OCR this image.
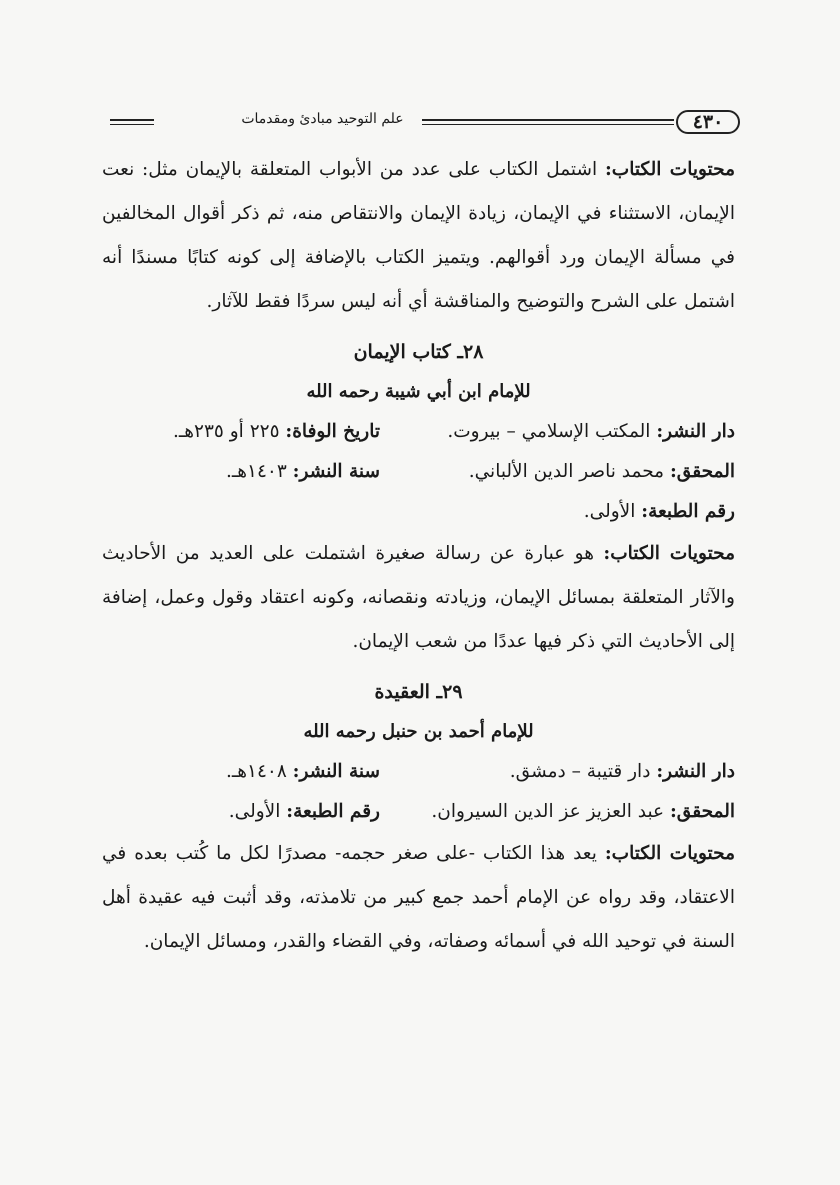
٤٣٠
علم التوحيد مبادئ ومقدمات

محتويات الكتاب: اشتمل الكتاب على عدد من الأبواب المتعلقة بالإيمان مثل: نعت الإيمان، الاستثناء في الإيمان، زيادة الإيمان والانتقاص منه، ثم ذكر أقوال المخالفين في مسألة الإيمان ورد أقوالهم. ويتميز الكتاب بالإضافة إلى كونه كتابًا مسندًا أنه اشتمل على الشرح والتوضيح والمناقشة أي أنه ليس سردًا فقط للآثار.

٢٨ـ كتاب الإيمان
للإمام ابن أبي شيبة رحمه الله
دار النشر: المكتب الإسلامي – بيروت.
تاريخ الوفاة: ٢٢٥ أو ٢٣٥هـ.
المحقق: محمد ناصر الدين الألباني.
سنة النشر: ١٤٠٣هـ.
رقم الطبعة: الأولى.

محتويات الكتاب: هو عبارة عن رسالة صغيرة اشتملت على العديد من الأحاديث والآثار المتعلقة بمسائل الإيمان، وزيادته ونقصانه، وكونه اعتقاد وقول وعمل، إضافة إلى الأحاديث التي ذكر فيها عددًا من شعب الإيمان.

٢٩ـ العقيدة
للإمام أحمد بن حنبل رحمه الله
دار النشر: دار قتيبة – دمشق.
سنة النشر: ١٤٠٨هـ.
المحقق: عبد العزيز عز الدين السيروان.
رقم الطبعة: الأولى.

محتويات الكتاب: يعد هذا الكتاب -على صغر حجمه- مصدرًا لكل ما كُتب بعده في الاعتقاد، وقد رواه عن الإمام أحمد جمع كبير من تلامذته، وقد أثبت فيه عقيدة أهل السنة في توحيد الله في أسمائه وصفاته، وفي القضاء والقدر، ومسائل الإيمان.
